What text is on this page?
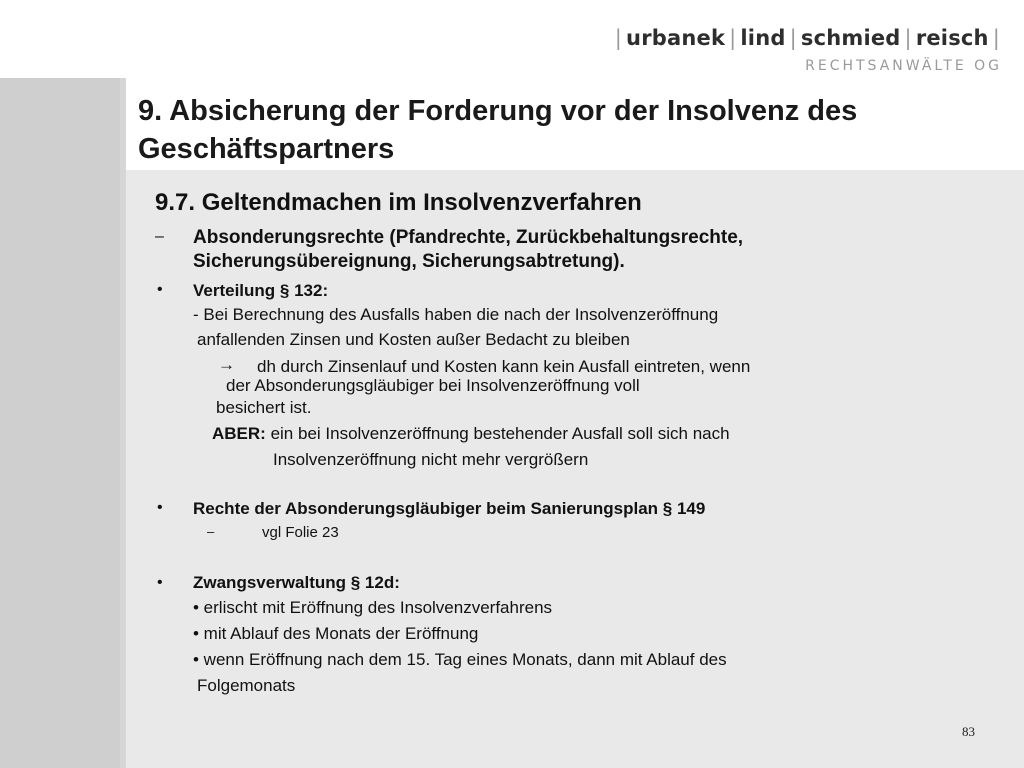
| urbanek | lind | schmied | reisch |
RECHTSANWÄLTE OG
9. Absicherung der Forderung vor der Insolvenz des
Geschäftspartners
9.7. Geltendmachen im Insolvenzverfahren
– Absonderungsrechte (Pfandrechte, Zurückbehaltungsrechte,
Sicherungsübereignung, Sicherungsabtretung).
• Verteilung § 132:
- Bei Berechnung des Ausfalls haben die nach der Insolvenzeröffnung
anfallenden Zinsen und Kosten außer Bedacht zu bleiben
→ dh durch Zinsenlauf und Kosten kann kein Ausfall eintreten, wenn
der Absonderungsgläubiger bei Insolvenzeröffnung voll
besichert ist.
ABER: ein bei Insolvenzeröffnung bestehender Ausfall soll sich nach
Insolvenzeröffnung nicht mehr vergrößern
• Rechte der Absonderungsgläubiger beim Sanierungsplan § 149
–	vgl Folie 23
• Zwangsverwaltung § 12d:
• erlischt mit Eröffnung des Insolvenzverfahrens
• mit Ablauf des Monats der Eröffnung
• wenn Eröffnung nach dem 15. Tag eines Monats, dann mit Ablauf des
Folgemonats
83
